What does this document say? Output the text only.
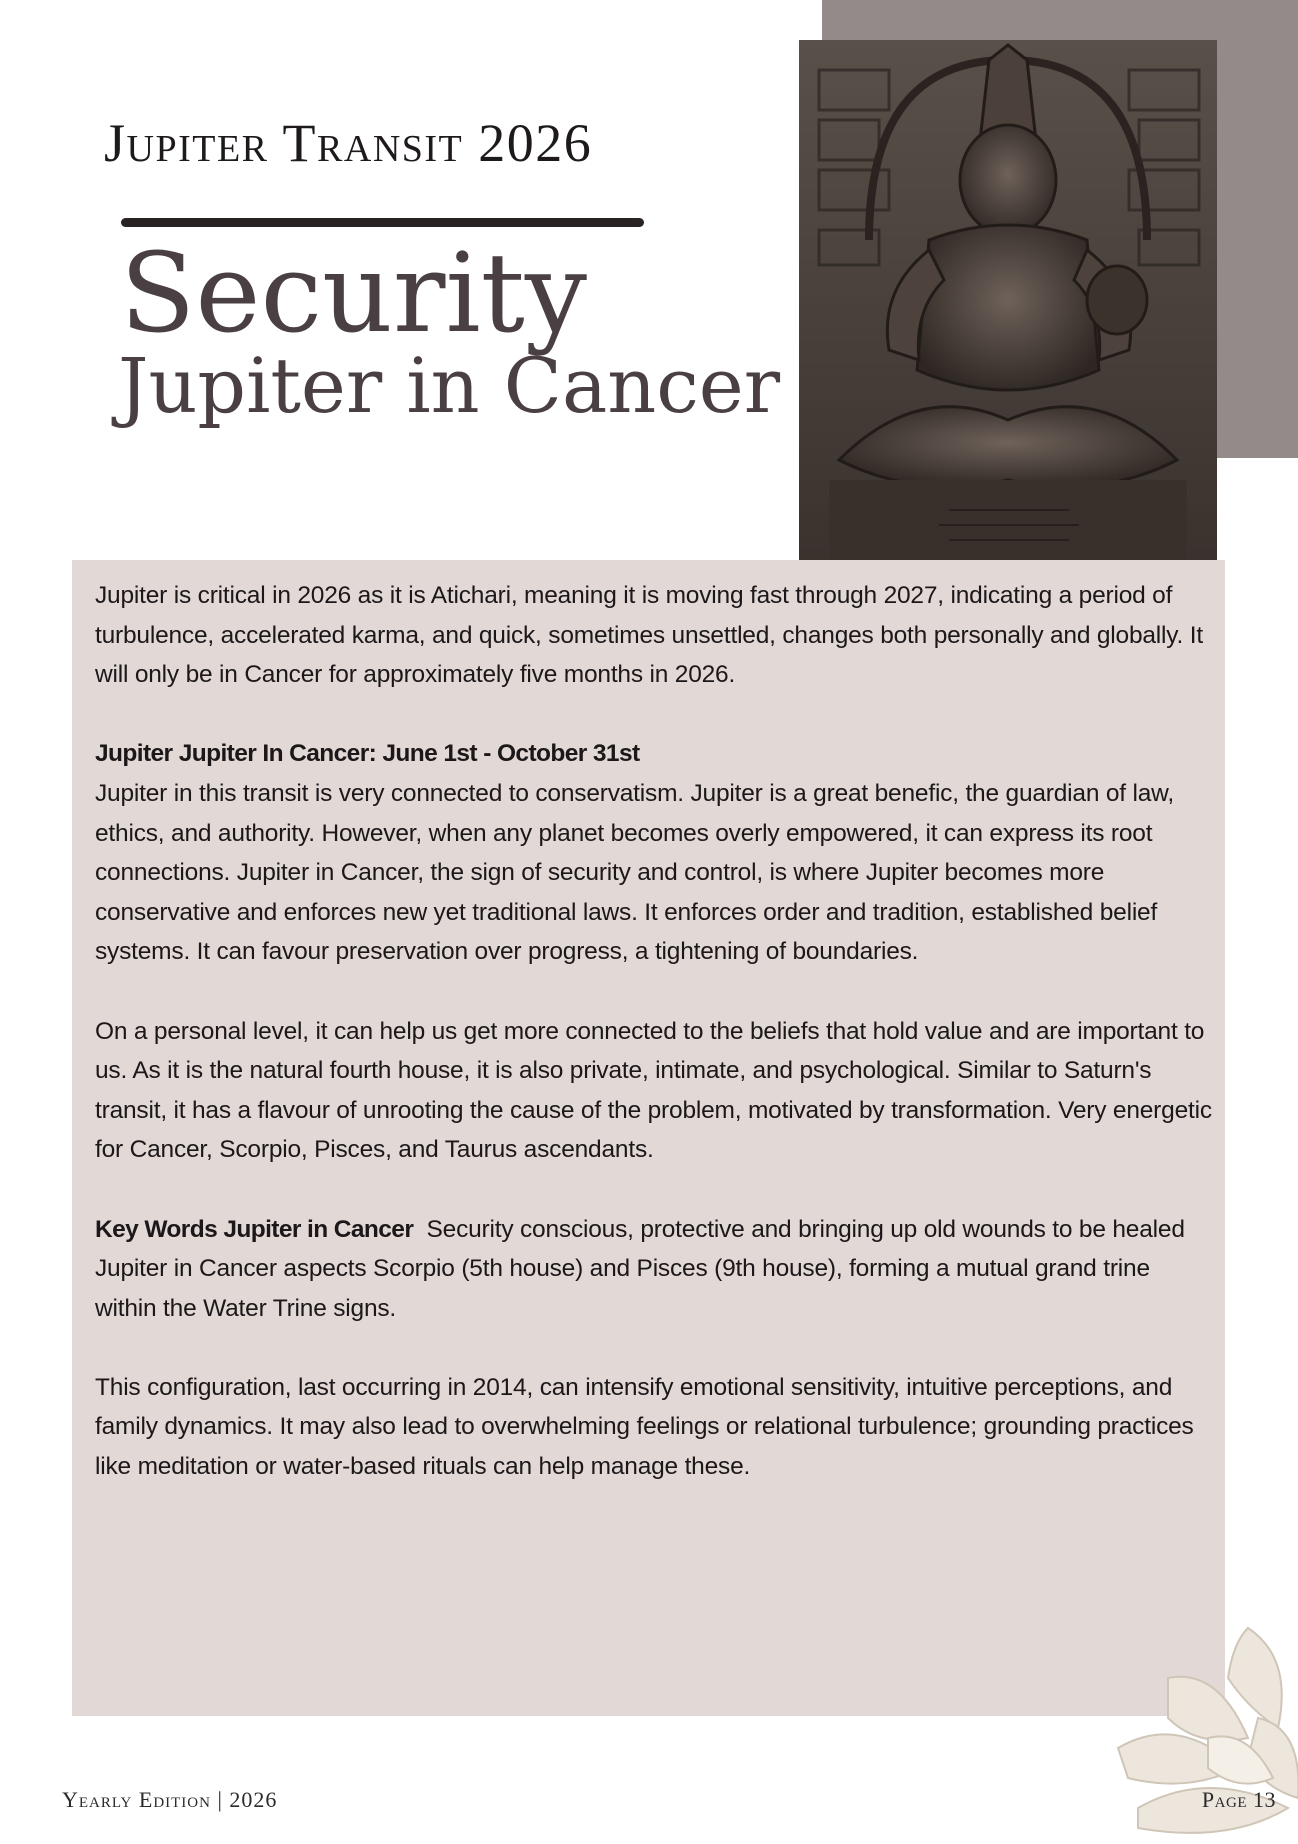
Jupiter Transit 2026
Security
Jupiter in Cancer

Jupiter is critical in 2026 as it is Atichari, meaning it is moving fast through 2027, indicating a period of turbulence, accelerated karma, and quick, sometimes unsettled, changes both personally and globally. It will only be in Cancer for approximately five months in 2026.

Jupiter Jupiter In Cancer: June 1st - October 31st

Jupiter in this transit is very connected to conservatism. Jupiter is a great benefic, the guardian of law, ethics, and authority. However, when any planet becomes overly empowered, it can express its root connections. Jupiter in Cancer, the sign of security and control, is where Jupiter becomes more conservative and enforces new yet traditional laws. It enforces order and tradition, established belief systems. It can favour preservation over progress, a tightening of boundaries.

On a personal level, it can help us get more connected to the beliefs that hold value and are important to us. As it is the natural fourth house, it is also private, intimate, and psychological. Similar to Saturn's transit, it has a flavour of unrooting the cause of the problem, motivated by transformation. Very energetic for Cancer, Scorpio, Pisces, and Taurus ascendants.

Key Words Jupiter in Cancer Security conscious, protective and bringing up old wounds to be healed

Jupiter in Cancer aspects Scorpio (5th house) and Pisces (9th house), forming a mutual grand trine within the Water Trine signs.

This configuration, last occurring in 2014, can intensify emotional sensitivity, intuitive perceptions, and family dynamics. It may also lead to overwhelming feelings or relational turbulence; grounding practices like meditation or water-based rituals can help manage these.

Yearly Edition | 2026	Page 13
